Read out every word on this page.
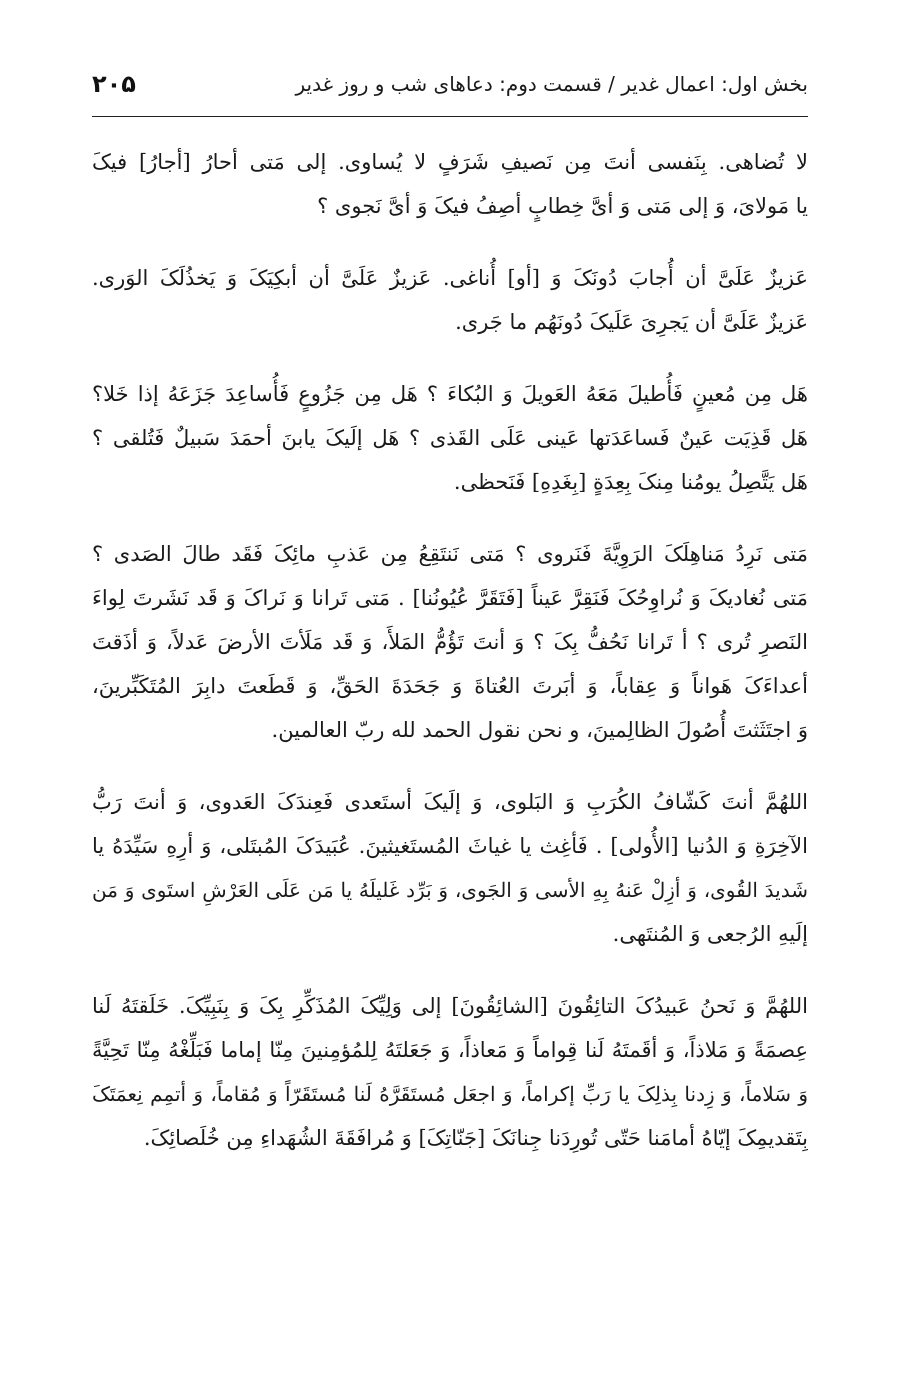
بخش اول: اعمال غدیر / قسمت دوم: دعاهای شب و روز غدیر
۲۰۵
لا تُضاهی. بِنَفسی أنتَ مِن نَصیفِ شَرَفٍ لا یُساوی. إلی مَتی أحارُ [أجارُ] فیکَ
یا مَولایَ، وَ إلی مَتی وَ أیَّ خِطابٍ أصِفُ فیکَ وَ أیَّ نَجوی ؟
عَزیزٌ عَلَیَّ أن أُجابَ دُونَکَ وَ [أو] أُناغی. عَزیزٌ عَلَیَّ أن أبکِیَکَ وَ یَخذُلَکَ الوَری.
عَزیزٌ عَلَیَّ أن یَجرِیَ عَلَیکَ دُونَهُم ما جَری.
هَل مِن مُعینٍ فَأُطیلَ مَعَهُ العَویلَ وَ البُکاءَ ؟ هَل مِن جَزُوعٍ فَأُساعِدَ جَزَعَهُ إذا خَلا؟
هَل قَذِیَت عَینٌ فَساعَدَتها عَینی عَلَی القَذی ؟ هَل إلَیکَ یابنَ أحمَدَ سَبیلٌ فَتُلقی ؟
هَل یَتَّصِلُ یومُنا مِنکَ بِعِدَةٍ [بِغَدِهِ] فَنَحظی.
مَتی نَرِدُ مَناهِلَکَ الرَوِیَّةَ فَنَروی ؟ مَتی نَنتَقِعُ مِن عَذبِ مائِکَ فَقَد طالَ الصَدی ؟
مَتی نُغادیکَ وَ نُراوِحُکَ فَنَقِرَّ عَیناً [فَتَقَرَّ عُیُونُنا] . مَتی تَرانا وَ نَراکَ وَ قَد نَشَرتَ لِواءَ
النَصرِ تُری ؟ أ تَرانا نَحُفُّ بِکَ ؟ وَ أنتَ تَؤُمُّ المَلأَ، وَ قَد مَلَأتَ الأرضَ عَدلاً، وَ أذَقتَ
أعداءَکَ هَواناً وَ عِقاباً، وَ أبَرتَ العُتاةَ وَ جَحَدَةَ الحَقِّ، وَ قَطَعتَ دابِرَ المُتَکَبِّرینَ،
وَ اجتَثَثتَ أُصُولَ الظالِمینَ، و نحن نقول الحمد لله ربّ العالمین.
اللهُمَّ أنتَ کَشّافُ الکُرَبِ وَ البَلوی، وَ إلَیکَ أستَعدی فَعِندَکَ العَدوی، وَ أنتَ رَبُّ
الآخِرَةِ وَ الدُنیا [الأُولی] . فَأغِث یا غیاثَ المُستَغیثینَ. عُبَیدَکَ المُبتَلی، وَ أرِهِ سَیِّدَهُ یا
شَدیدَ القُوی، وَ أزِلْ عَنهُ بِهِ الأسی وَ الجَوی، وَ بَرِّد غَلیلَهُ یا مَن عَلَی العَرْشِ استَوی وَ مَن
إلَیهِ الرُجعی وَ المُنتَهی.
اللهُمَّ وَ نَحنُ عَبیدُکَ التائِقُونَ [الشائِقُونَ] إلی وَلِیِّکَ المُذَکِّرِ بِکَ وَ بِنَبِیِّکَ. خَلَقتَهُ لَنا
عِصمَةً وَ مَلاذاً، وَ أقَمتَهُ لَنا قِواماً وَ مَعاذاً، وَ جَعَلتَهُ لِلمُؤمِنینَ مِنّا إماما فَبَلِّغْهُ مِنّا تَحِیَّةً
وَ سَلاماً، وَ زِدنا بِذلِکَ یا رَبِّ إکراماً، وَ اجعَل مُستَقَرَّهُ لَنا مُستَقَرّاً وَ مُقاماً، وَ أتمِم نِعمَتَکَ
بِتَقدیمِکَ إیّاهُ أمامَنا حَتّی تُورِدَنا جِنانَکَ [جَنّاتِکَ] وَ مُرافَقَةَ الشُهَداءِ مِن خُلَصائِکَ.
